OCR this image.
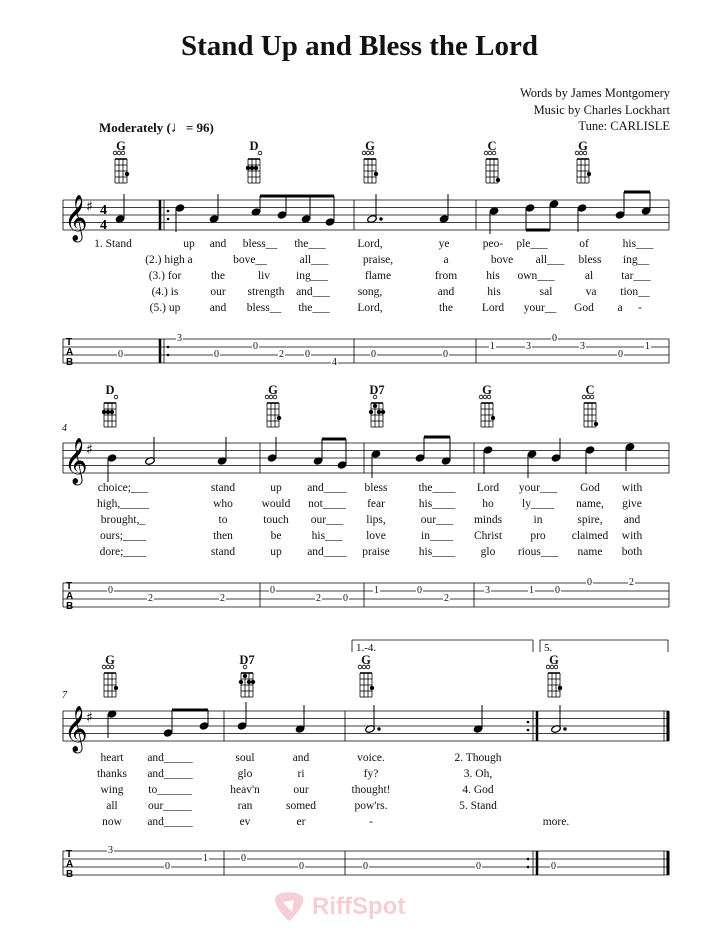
Stand Up and Bless the Lord
Words by James Montgomery
Music by Charles Lockhart
Tune: CARLISLE
Moderately (♩= 96)
4
7
1.-4.	5.
G	D	G	C	G
D	G	D7	G	C
G	D7	G	G
𝄞
♯ 4
4
T
A
B
𝄞
♯
T
A
B
𝄞
♯
T
A
B
0
3
0
0
2 0
4
0	0
1	3
0
3
0
1
0
2	2
0
2 0
1	0
2
3	1 0
0	2
3
0
1	0
0	0	0	0
1. Stand	up	and	bless__	the___	Lord,	ye	peo-	ple___	of	his___
(2.) high a	bove__	all___	praise,	a	bove	all___	bless	ing__
(3.) for	the	liv	ing___	flame	from	his	own___	al	tar___
(4.) is	our	strength	and___	song,	and	his	sal	va	tion__
(5.) up	and	bless__	the___	Lord,	the	Lord	your__	God	a	-
choice;___	stand	up	and____	bless	the____	Lord	your___	God	with
high,_____	who	would	not____	fear	his____	ho	ly____	name,	give
brought,_	to	touch	our___	lips,	our___	minds	in	spire,	and
ours;____	then	be	his___	love	in____	Christ	pro	claimed	with
dore;____	stand	up	and____	praise	his____	glo	rious___	name	both
heart	and_____	soul	and	voice.	2. Though
thanks	and_____	glo	ri	fy?	3. Oh,
wing	to______	heav'n	our	thought!	4. God
all	our_____	ran	somed	pow'rs.	5. Stand
now	and_____	ev	er	-	more.
RiffSpot
